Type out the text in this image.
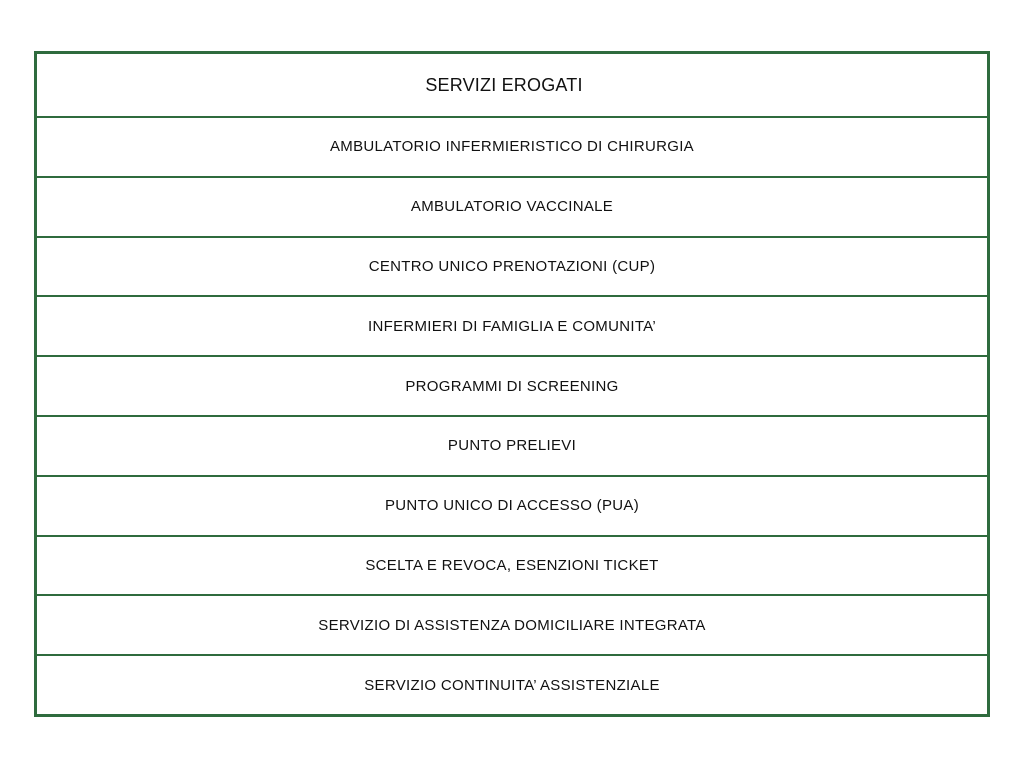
SERVIZI EROGATI
AMBULATORIO INFERMIERISTICO DI CHIRURGIA
AMBULATORIO VACCINALE
CENTRO UNICO PRENOTAZIONI (CUP)
INFERMIERI DI FAMIGLIA E COMUNITA’
PROGRAMMI DI SCREENING
PUNTO PRELIEVI
PUNTO UNICO DI ACCESSO (PUA)
SCELTA E REVOCA, ESENZIONI TICKET
SERVIZIO DI ASSISTENZA DOMICILIARE INTEGRATA
SERVIZIO CONTINUITA’ ASSISTENZIALE
